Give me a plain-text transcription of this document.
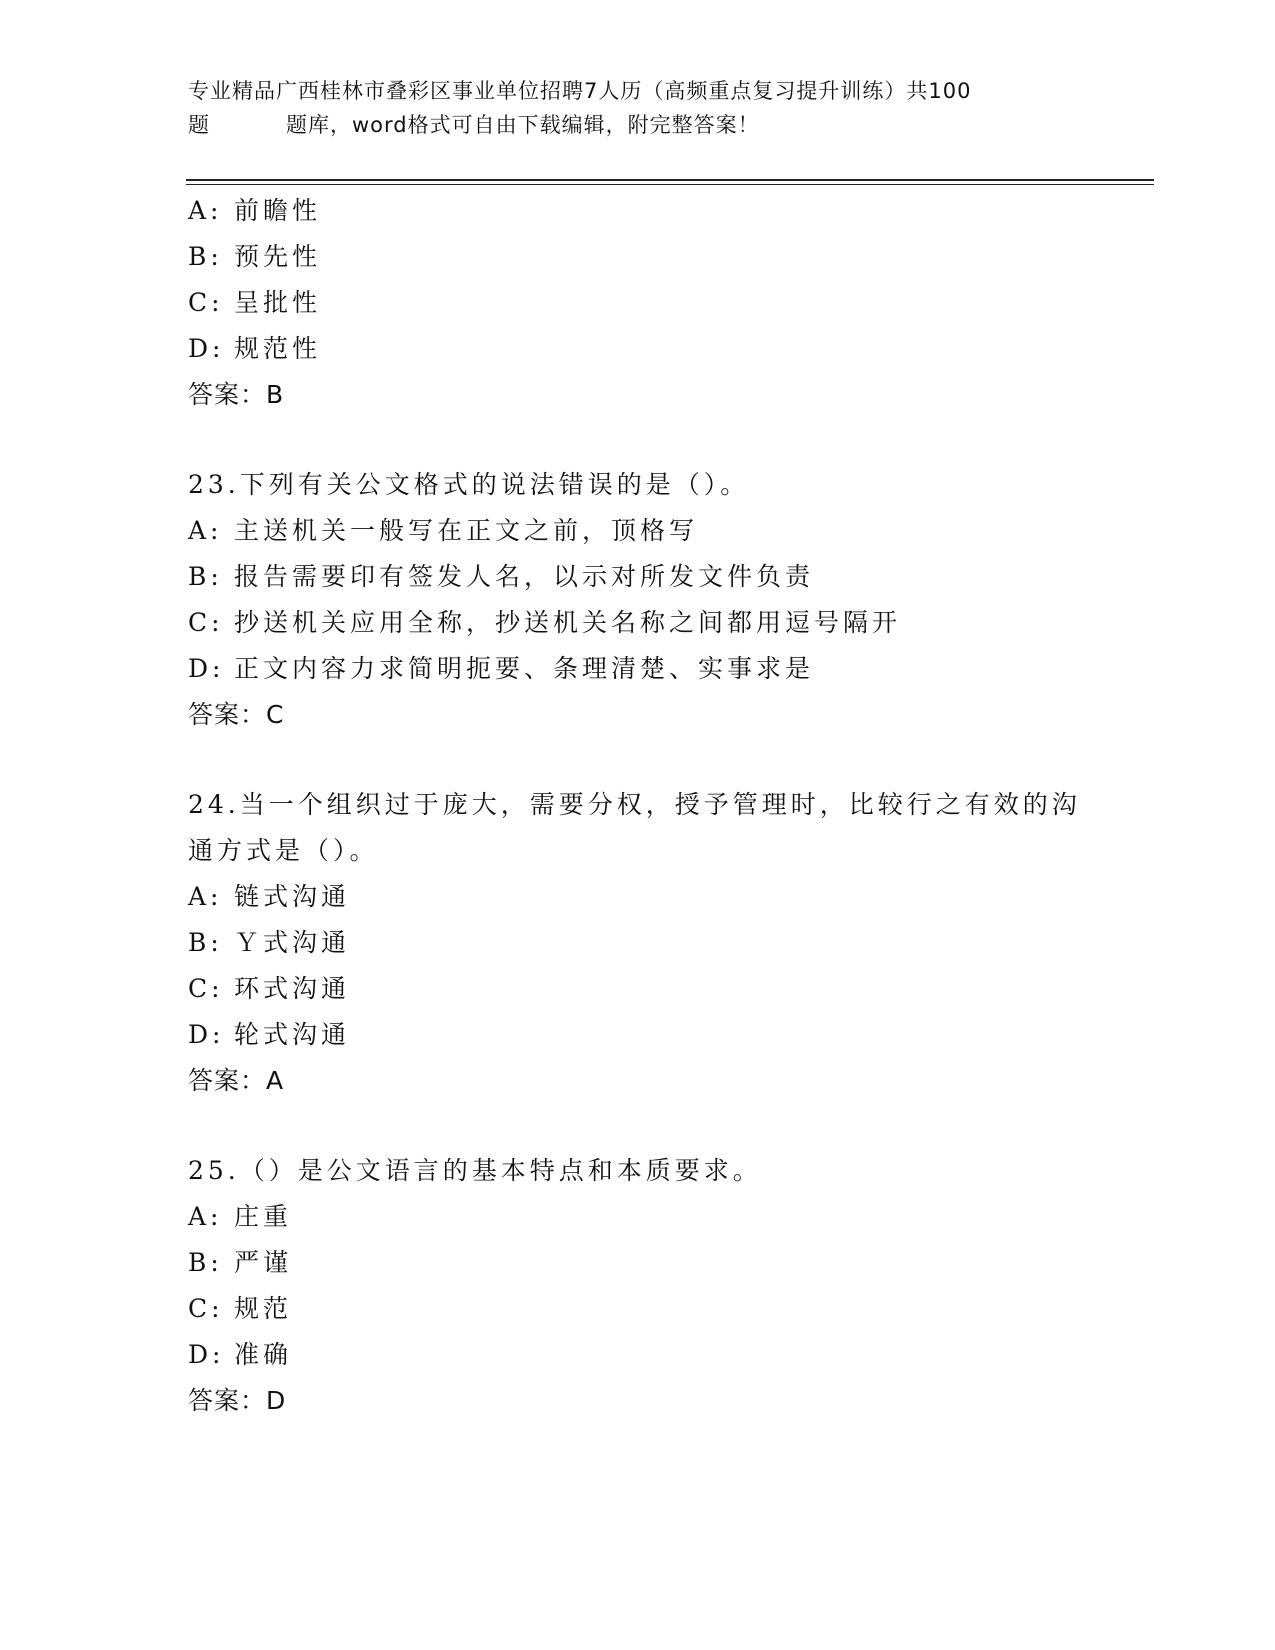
专业精品广西桂林市叠彩区事业单位招聘7人历（高频重点复习提升训练）共100
题	题库，word格式可自由下载编辑，附完整答案！
A: 前瞻性
B: 预先性
C: 呈批性
D: 规范性
答案：B
23.下列有关公文格式的说法错误的是（）。
A: 主送机关一般写在正文之前，顶格写
B: 报告需要印有签发人名，以示对所发文件负责
C: 抄送机关应用全称，抄送机关名称之间都用逗号隔开
D: 正文内容力求简明扼要、条理清楚、实事求是
答案：C
24.当一个组织过于庞大，需要分权，授予管理时，比较行之有效的沟
通方式是（）。
A: 链式沟通
B: Ｙ式沟通
C: 环式沟通
D: 轮式沟通
答案：A
25.（）是公文语言的基本特点和本质要求。
A: 庄重
B: 严谨
C: 规范
D: 准确
答案：D
